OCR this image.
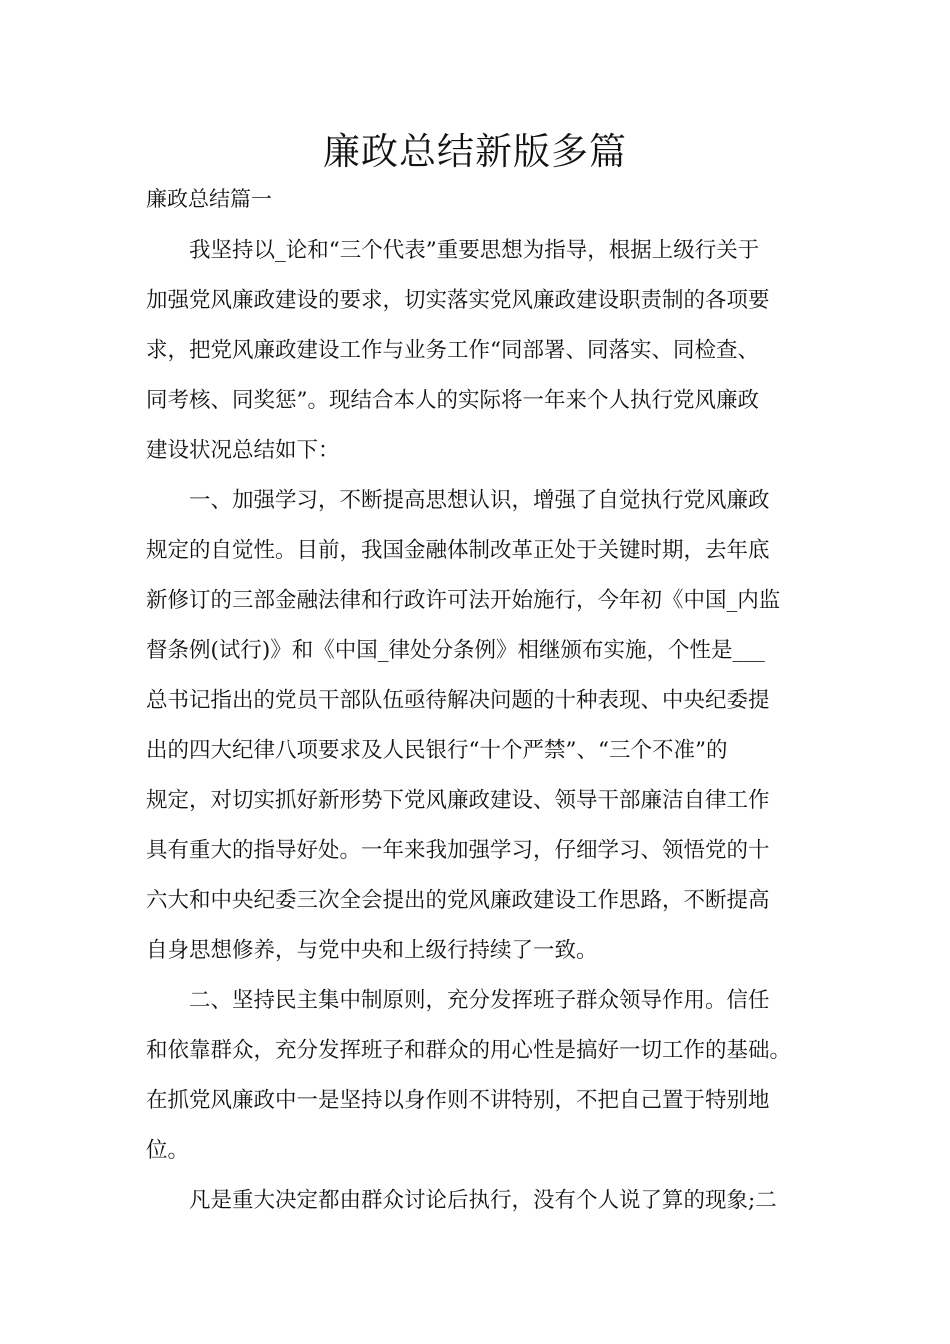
廉政总结新版多篇

廉政总结篇一

我坚持以_论和“三个代表”重要思想为指导，根据上级行关于

加强党风廉政建设的要求，切实落实党风廉政建设职责制的各项要

求，把党风廉政建设工作与业务工作“同部署、同落实、同检查、

同考核、同奖惩”。现结合本人的实际将一年来个人执行党风廉政

建设状况总结如下：

一、加强学习，不断提高思想认识，增强了自觉执行党风廉政

规定的自觉性。目前，我国金融体制改革正处于关键时期，去年底

新修订的三部金融法律和行政许可法开始施行，今年初《中国_内监

督条例(试行)》和《中国_律处分条例》相继颁布实施，个性是___

总书记指出的党员干部队伍亟待解决问题的十种表现、中央纪委提

出的四大纪律八项要求及人民银行“十个严禁”、“三个不准”的

规定，对切实抓好新形势下党风廉政建设、领导干部廉洁自律工作

具有重大的指导好处。一年来我加强学习，仔细学习、领悟党的十

六大和中央纪委三次全会提出的党风廉政建设工作思路，不断提高

自身思想修养，与党中央和上级行持续了一致。

二、坚持民主集中制原则，充分发挥班子群众领导作用。信任

和依靠群众，充分发挥班子和群众的用心性是搞好一切工作的基础。

在抓党风廉政中一是坚持以身作则不讲特别，不把自己置于特别地

位。

凡是重大决定都由群众讨论后执行，没有个人说了算的现象;二
